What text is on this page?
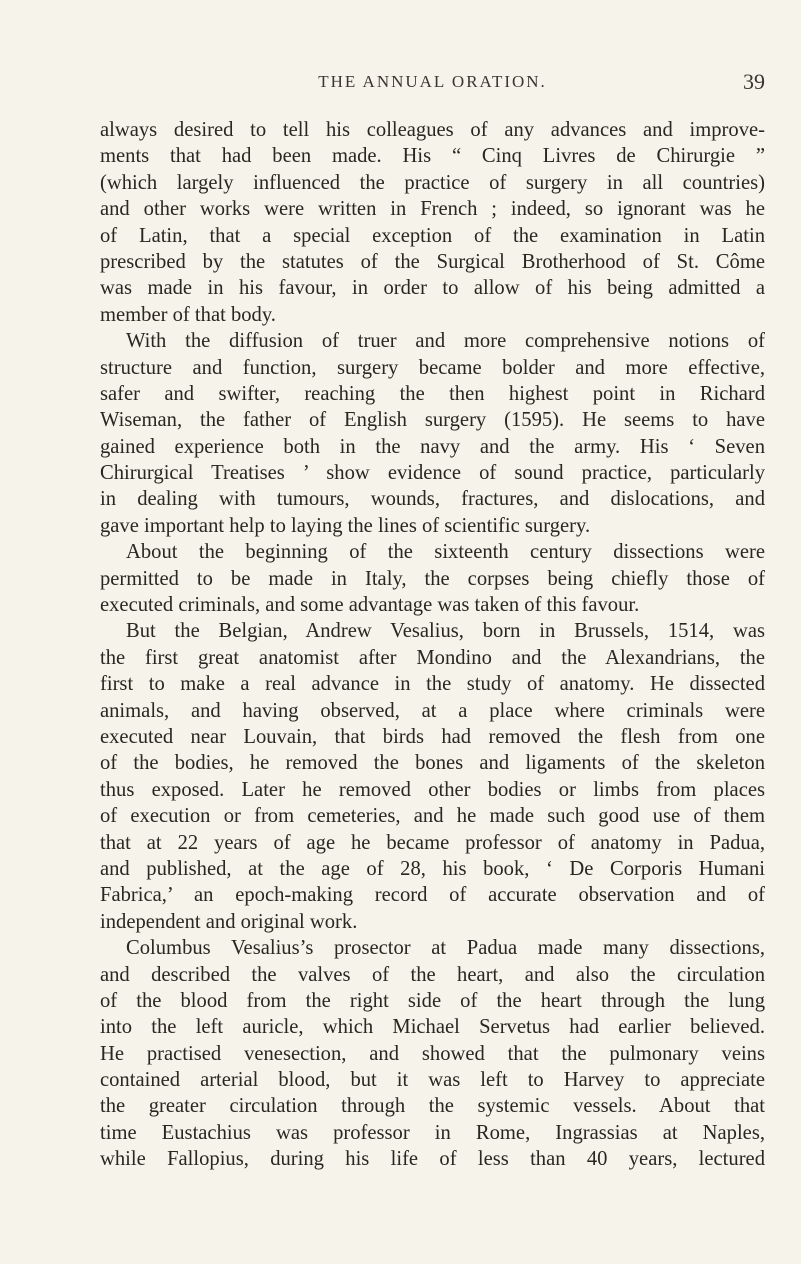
THE ANNUAL ORATION.	39
always desired to tell his colleagues of any advances and improve-
ments that had been made. His “ Cinq Livres de Chirurgie ”
(which largely influenced the practice of surgery in all countries)
and other works were written in French ; indeed, so ignorant was he
of Latin, that a special exception of the examination in Latin
prescribed by the statutes of the Surgical Brotherhood of St. Côme
was made in his favour, in order to allow of his being admitted a
member of that body.
With the diffusion of truer and more comprehensive notions of
structure and function, surgery became bolder and more effective,
safer and swifter, reaching the then highest point in Richard
Wiseman, the father of English surgery (1595). He seems to have
gained experience both in the navy and the army. His ‘ Seven
Chirurgical Treatises ’ show evidence of sound practice, particularly
in dealing with tumours, wounds, fractures, and dislocations, and
gave important help to laying the lines of scientific surgery.
About the beginning of the sixteenth century dissections were
permitted to be made in Italy, the corpses being chiefly those of
executed criminals, and some advantage was taken of this favour.
But the Belgian, Andrew Vesalius, born in Brussels, 1514, was
the first great anatomist after Mondino and the Alexandrians, the
first to make a real advance in the study of anatomy. He dissected
animals, and having observed, at a place where criminals were
executed near Louvain, that birds had removed the flesh from one
of the bodies, he removed the bones and ligaments of the skeleton
thus exposed. Later he removed other bodies or limbs from places
of execution or from cemeteries, and he made such good use of them
that at 22 years of age he became professor of anatomy in Padua,
and published, at the age of 28, his book, ‘ De Corporis Humani
Fabrica,’ an epoch-making record of accurate observation and of
independent and original work.
Columbus Vesalius’s prosector at Padua made many dissections,
and described the valves of the heart, and also the circulation
of the blood from the right side of the heart through the lung
into the left auricle, which Michael Servetus had earlier believed.
He practised venesection, and showed that the pulmonary veins
contained arterial blood, but it was left to Harvey to appreciate
the greater circulation through the systemic vessels. About that
time Eustachius was professor in Rome, Ingrassias at Naples,
while Fallopius, during his life of less than 40 years, lectured
